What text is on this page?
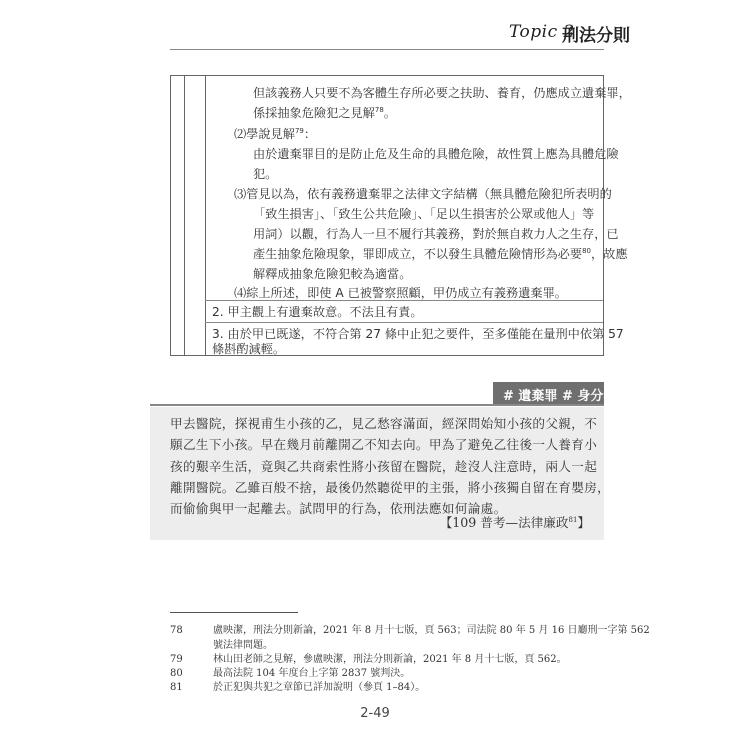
Topic 2
刑法分則
但該義務人只要不為客體生存所必要之扶助、養育，仍應成立遺棄罪，
係採抽象危險犯之見解$^{78}$。
⑵學說見解$^{79}$：
由於遺棄罪目的是防止危及生命的具體危險，故性質上應為具體危險
犯。
⑶管見以為，依有義務遺棄罪之法律文字結構（無具體危險犯所表明的
「致生損害」、「致生公共危險」、「足以生損害於公眾或他人」等
用詞）以觀，行為人一旦不履行其義務，對於無自救力人之生存，已
產生抽象危險現象，罪即成立，不以發生具體危險情形為必要$^{80}$，故應
解釋成抽象危險犯較為適當。
⑷綜上所述，即使 A 已被警察照顧，甲仍成立有義務遺棄罪。
2. 甲主觀上有遺棄故意。不法且有責。
3. 由於甲已既遂，不符合第 27 條中止犯之要件，至多僅能在量刑中依第 57
條斟酌減輕。
# 遺棄罪 # 身分犯
甲去醫院，探視甫生小孩的乙，見乙愁容滿面，經深問始知小孩的父親，不
願乙生下小孩。早在幾月前離開乙不知去向。甲為了避免乙往後一人養育小
孩的艱辛生活，竟與乙共商索性將小孩留在醫院，趁沒人注意時，兩人一起
離開醫院。乙雖百般不捨，最後仍然聽從甲的主張，將小孩獨自留在育嬰房，
而偷偷與甲一起離去。試問甲的行為，依刑法應如何論處。
【109 普考—法律廉政$^{81}$】
78	盧映潔，刑法分則新論，2021 年 8 月十七版，頁 563；司法院 80 年 5 月 16 日廳刑一字第 562
號法律問題。
79	林山田老師之見解，參盧映潔，刑法分則新論，2021 年 8 月十七版，頁 562。
80	最高法院 104 年度台上字第 2837 號判決。
81	於正犯與共犯之章節已詳加說明（參頁 1–84）。
2-49
